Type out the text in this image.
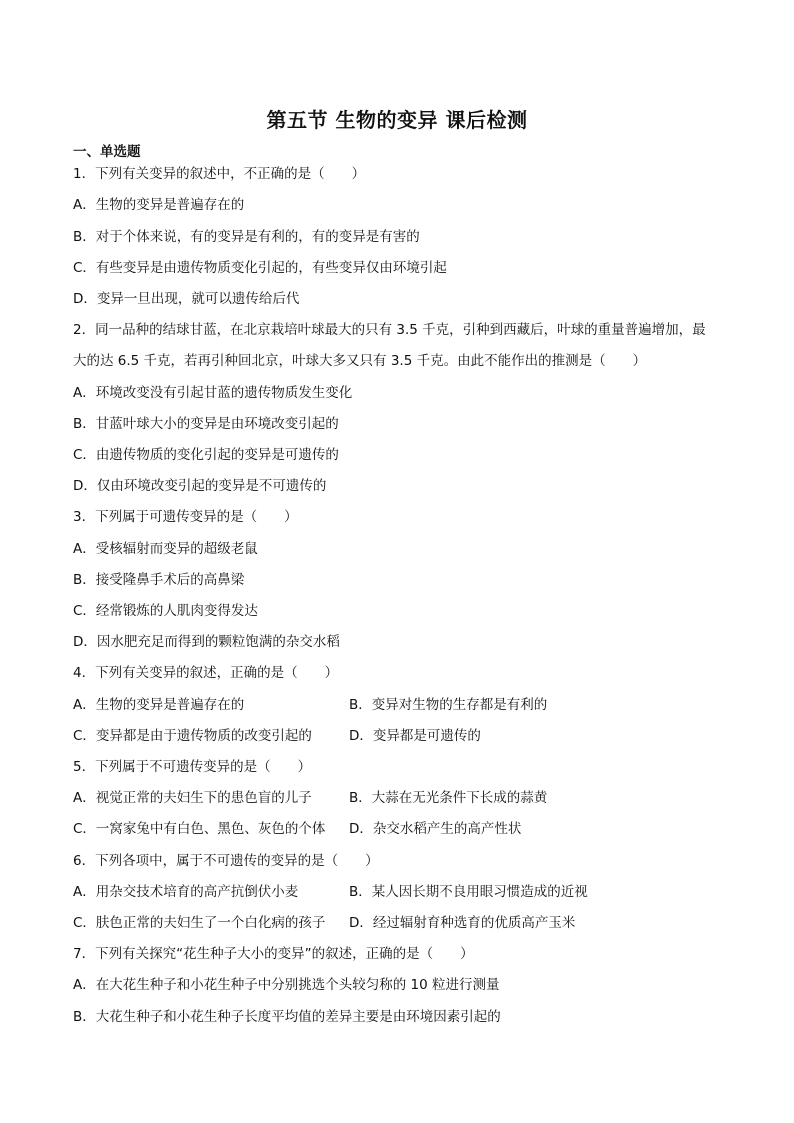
第五节 生物的变异 课后检测
一、单选题
1．下列有关变异的叙述中，不正确的是（　　）
A．生物的变异是普遍存在的
B．对于个体来说，有的变异是有利的，有的变异是有害的
C．有些变异是由遗传物质变化引起的，有些变异仅由环境引起
D．变异一旦出现，就可以遗传给后代
2．同一品种的结球甘蓝，在北京栽培叶球最大的只有 3.5 千克，引种到西藏后，叶球的重量普遍增加，最
大的达 6.5 千克，若再引种回北京，叶球大多又只有 3.5 千克。由此不能作出的推测是（　　）
A．环境改变没有引起甘蓝的遗传物质发生变化
B．甘蓝叶球大小的变异是由环境改变引起的
C．由遗传物质的变化引起的变异是可遗传的
D．仅由环境改变引起的变异是不可遗传的
3．下列属于可遗传变异的是（　　）
A．受核辐射而变异的超级老鼠
B．接受隆鼻手术后的高鼻梁
C．经常锻炼的人肌肉变得发达
D．因水肥充足而得到的颗粒饱满的杂交水稻
4．下列有关变异的叙述，正确的是（　　）
A．生物的变异是普遍存在的	B．变异对生物的生存都是有利的
C．变异都是由于遗传物质的改变引起的	D．变异都是可遗传的
5．下列属于不可遗传变异的是（　　）
A．视觉正常的夫妇生下的患色盲的儿子	B．大蒜在无光条件下长成的蒜黄
C．一窝家兔中有白色、黑色、灰色的个体 D．杂交水稻产生的高产性状
6．下列各项中，属于不可遗传的变异的是（　　）
A．用杂交技术培育的高产抗倒伏小麦	B．某人因长期不良用眼习惯造成的近视
C．肤色正常的夫妇生了一个白化病的孩子 D．经过辐射育种选育的优质高产玉米
7．下列有关探究“花生种子大小的变异”的叙述，正确的是（　　）
A．在大花生种子和小花生种子中分别挑选个头较匀称的 10 粒进行测量
B．大花生种子和小花生种子长度平均值的差异主要是由环境因素引起的
